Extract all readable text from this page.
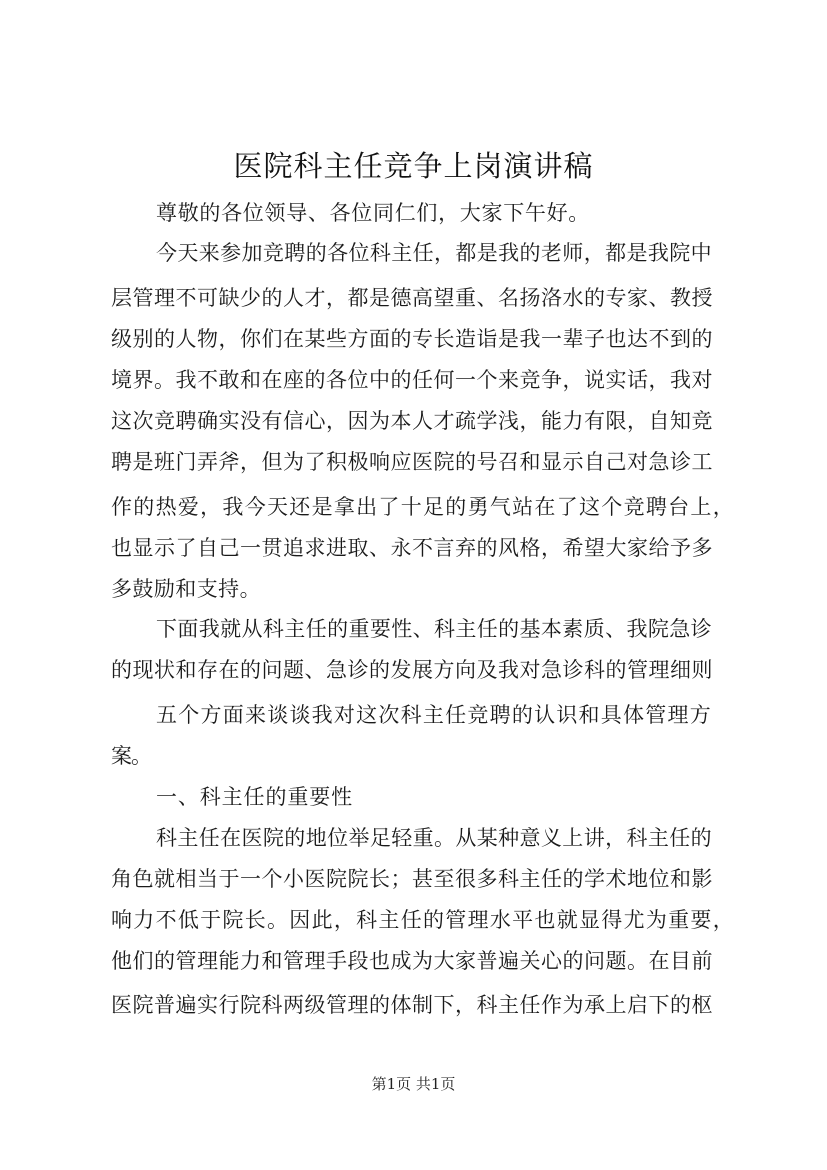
医院科主任竞争上岗演讲稿
尊敬的各位领导、各位同仁们，大家下午好。
今天来参加竞聘的各位科主任，都是我的老师，都是我院中
层管理不可缺少的人才，都是德高望重、名扬洛水的专家、教授
级别的人物，你们在某些方面的专长造诣是我一辈子也达不到的
境界。我不敢和在座的各位中的任何一个来竞争，说实话，我对
这次竞聘确实没有信心，因为本人才疏学浅，能力有限，自知竞
聘是班门弄斧，但为了积极响应医院的号召和显示自己对急诊工
作的热爱，我今天还是拿出了十足的勇气站在了这个竞聘台上，
也显示了自己一贯追求进取、永不言弃的风格，希望大家给予多
多鼓励和支持。
下面我就从科主任的重要性、科主任的基本素质、我院急诊
的现状和存在的问题、急诊的发展方向及我对急诊科的管理细则
五个方面来谈谈我对这次科主任竞聘的认识和具体管理方
案。
一、科主任的重要性
科主任在医院的地位举足轻重。从某种意义上讲，科主任的
角色就相当于一个小医院院长；甚至很多科主任的学术地位和影
响力不低于院长。因此，科主任的管理水平也就显得尤为重要，
他们的管理能力和管理手段也成为大家普遍关心的问题。在目前
医院普遍实行院科两级管理的体制下，科主任作为承上启下的枢
第1页 共1页
